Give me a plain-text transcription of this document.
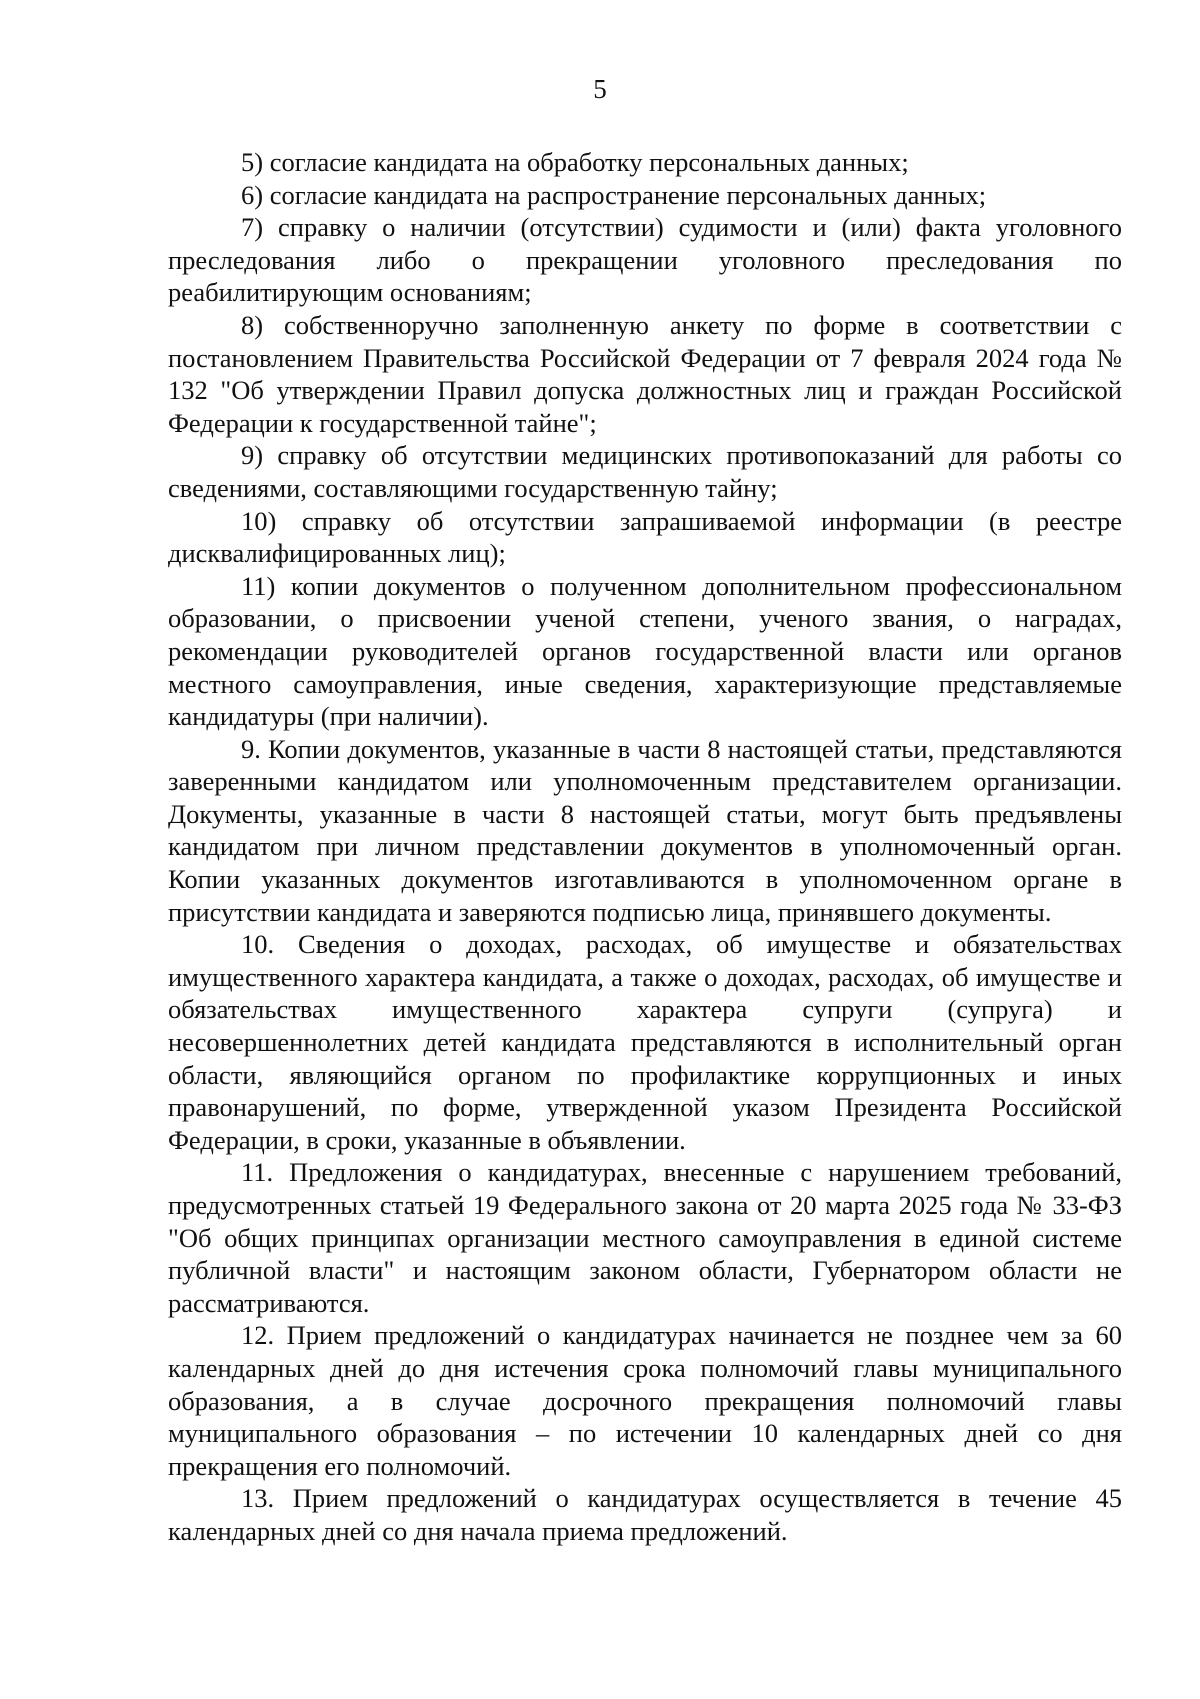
5

5) согласие кандидата на обработку персональных данных;

6) согласие кандидата на распространение персональных данных;

7) справку о наличии (отсутствии) судимости и (или) факта уголовного преследования либо о прекращении уголовного преследования по реабилитирующим основаниям;

8) собственноручно заполненную анкету по форме в соответствии с постановлением Правительства Российской Федерации от 7 февраля 2024 года № 132 "Об утверждении Правил допуска должностных лиц и граждан Российской Федерации к государственной тайне";

9) справку об отсутствии медицинских противопоказаний для работы со сведениями, составляющими государственную тайну;

10) справку об отсутствии запрашиваемой информации (в реестре дисквалифицированных лиц);

11) копии документов о полученном дополнительном профессиональном образовании, о присвоении ученой степени, ученого звания, о наградах, рекомендации руководителей органов государственной власти или органов местного самоуправления, иные сведения, характеризующие представляемые кандидатуры (при наличии).

9. Копии документов, указанные в части 8 настоящей статьи, представляются заверенными кандидатом или уполномоченным представителем организации. Документы, указанные в части 8 настоящей статьи, могут быть предъявлены кандидатом при личном представлении документов в уполномоченный орган. Копии указанных документов изготавливаются в уполномоченном органе в присутствии кандидата и заверяются подписью лица, принявшего документы.

10. Сведения о доходах, расходах, об имуществе и обязательствах имущественного характера кандидата, а также о доходах, расходах, об имуществе и обязательствах имущественного характера супруги (супруга) и несовершеннолетних детей кандидата представляются в исполнительный орган области, являющийся органом по профилактике коррупционных и иных правонарушений, по форме, утвержденной указом Президента Российской Федерации, в сроки, указанные в объявлении.

11. Предложения о кандидатурах, внесенные с нарушением требований, предусмотренных статьей 19 Федерального закона от 20 марта 2025 года № 33-ФЗ "Об общих принципах организации местного самоуправления в единой системе публичной власти" и настоящим законом области, Губернатором области не рассматриваются.

12. Прием предложений о кандидатурах начинается не позднее чем за 60 календарных дней до дня истечения срока полномочий главы муниципального образования, а в случае досрочного прекращения полномочий главы муниципального образования – по истечении 10 календарных дней со дня прекращения его полномочий.

13. Прием предложений о кандидатурах осуществляется в течение 45 календарных дней со дня начала приема предложений.
